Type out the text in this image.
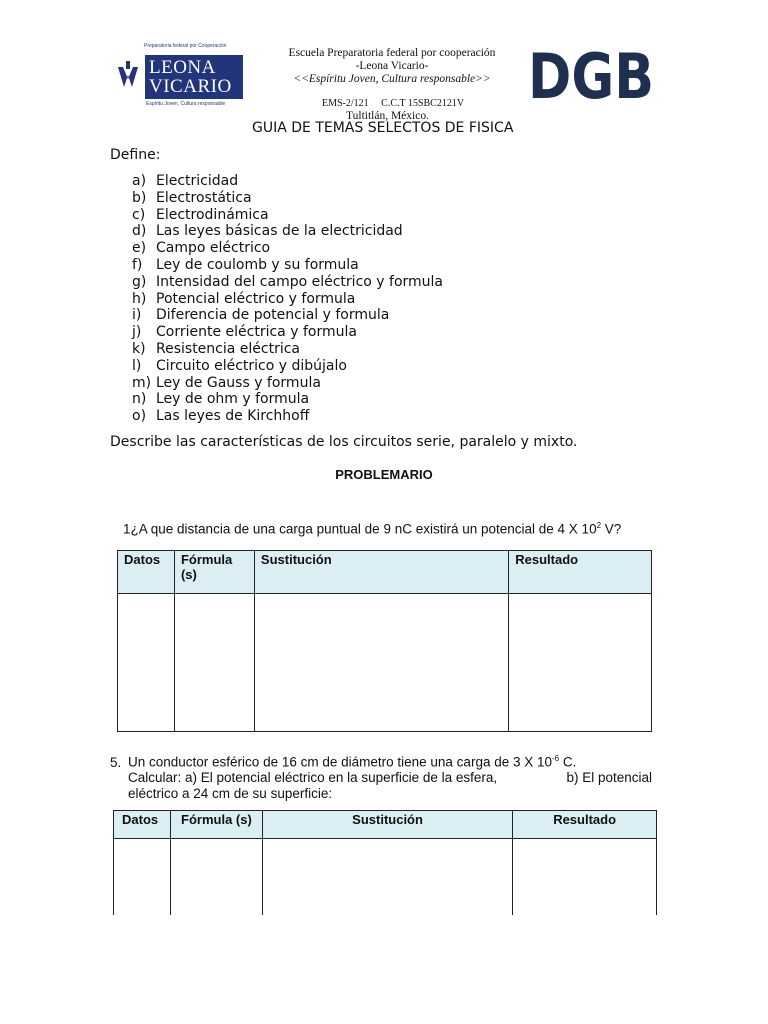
Preparatoria federal por Cooperación
LEONA
VICARIO
Espíritu Joven, Cultura responsable
Escuela Preparatoria federal por cooperación
-Leona Vicario-
<<Espíritu Joven, Cultura responsable>>
EMS-2/121     C.C.T 15SBC2121V
Tultitlán, México.
DGB
GUIA DE TEMAS SELECTOS DE FISICA
Define:
a) Electricidad
b) Electrostática
c) Electrodinámica
d) Las leyes básicas de la electricidad
e) Campo eléctrico
f) Ley de coulomb y su formula
g) Intensidad del campo eléctrico y formula
h) Potencial eléctrico y formula
i)	Diferencia de potencial y formula
j)	Corriente eléctrica y formula
k) Resistencia eléctrica
l)	Circuito eléctrico y dibújalo
m) Ley de Gauss y formula
n) Ley de ohm y formula
o) Las leyes de Kirchhoff
Describe las características de los circuitos serie, paralelo y mixto.
PROBLEMARIO
1¿A que distancia de una carga puntual de 9 nC existirá un potencial de 4 X $10^2$ V?
Datos	Fórmula (s)	Sustitución	Resultado

5. Un conductor esférico de 16 cm de diámetro tiene una carga de 3 X $10^{-6}$ C.
Calcular: a) El potencial eléctrico en la superficie de la esfera,	b) El potencial
eléctrico a 24 cm de su superficie:
Datos	Fórmula (s)	Sustitución	Resultado
